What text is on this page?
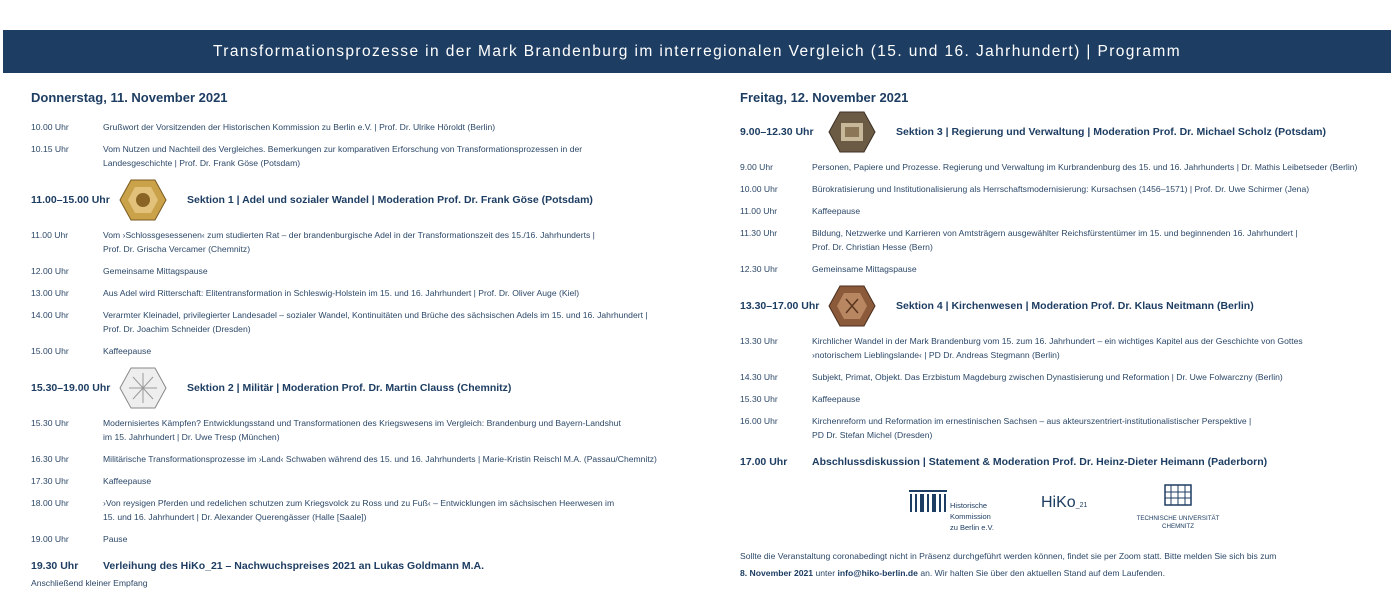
Transformationsprozesse in der Mark Brandenburg im interregionalen Vergleich (15. und 16. Jahrhundert) | Programm
Donnerstag, 11. November 2021
10.00 Uhr	Grußwort der Vorsitzenden der Historischen Kommission zu Berlin e.V. | Prof. Dr. Ulrike Höroldt (Berlin)
10.15 Uhr	Vom Nutzen und Nachteil des Vergleiches. Bemerkungen zur komparativen Erforschung von Transformationsprozessen in der
Landesgeschichte | Prof. Dr. Frank Göse (Potsdam)
11.00–15.00 Uhr	Sektion 1 | Adel und sozialer Wandel | Moderation Prof. Dr. Frank Göse (Potsdam)
11.00 Uhr	Vom ›Schlossgesessenen‹ zum studierten Rat – der brandenburgische Adel in der Transformationszeit des 15./16. Jahrhunderts |
Prof. Dr. Grischa Vercamer (Chemnitz)
12.00 Uhr	Gemeinsame Mittagspause
13.00 Uhr	Aus Adel wird Ritterschaft: Elitentransformation in Schleswig-Holstein im 15. und 16. Jahrhundert | Prof. Dr. Oliver Auge (Kiel)
14.00 Uhr	Verarmter Kleinadel, privilegierter Landesadel – sozialer Wandel, Kontinuitäten und Brüche des sächsischen Adels im 15. und 16. Jahrhundert |
Prof. Dr. Joachim Schneider (Dresden)
15.00 Uhr	Kaffeepause
15.30–19.00 Uhr	Sektion 2 | Militär | Moderation Prof. Dr. Martin Clauss (Chemnitz)
15.30 Uhr	Modernisiertes Kämpfen? Entwicklungsstand und Transformationen des Kriegswesens im Vergleich: Brandenburg und Bayern-Landshut
im 15. Jahrhundert | Dr. Uwe Tresp (München)
16.30 Uhr	Militärische Transformationsprozesse im ›Land‹ Schwaben während des 15. und 16. Jahrhunderts | Marie-Kristin Reischl M.A. (Passau/Chemnitz)
17.30 Uhr	Kaffeepause
18.00 Uhr	›Von reysigen Pferden und redelichen schutzen zum Kriegsvolck zu Ross und zu Fuß‹ – Entwicklungen im sächsischen Heerwesen im
15. und 16. Jahrhundert | Dr. Alexander Querengässer (Halle [Saale])
19.00 Uhr	Pause
19.30 Uhr	Verleihung des HiKo_21 – Nachwuchspreises 2021 an Lukas Goldmann M.A.
Anschließend kleiner Empfang
Freitag, 12. November 2021
9.00–12.30 Uhr	Sektion 3 | Regierung und Verwaltung | Moderation Prof. Dr. Michael Scholz (Potsdam)
9.00 Uhr	Personen, Papiere und Prozesse. Regierung und Verwaltung im Kurbrandenburg des 15. und 16. Jahrhunderts | Dr. Mathis Leibetseder (Berlin)
10.00 Uhr	Bürokratisierung und Institutionalisierung als Herrschaftsmodernisierung: Kursachsen (1456–1571) | Prof. Dr. Uwe Schirmer (Jena)
11.00 Uhr	Kaffeepause
11.30 Uhr	Bildung, Netzwerke und Karrieren von Amtsträgern ausgewählter Reichsfürstentümer im 15. und beginnenden 16. Jahrhundert |
Prof. Dr. Christian Hesse (Bern)
12.30 Uhr	Gemeinsame Mittagspause
13.30–17.00 Uhr	Sektion 4 | Kirchenwesen | Moderation Prof. Dr. Klaus Neitmann (Berlin)
13.30 Uhr	Kirchlicher Wandel in der Mark Brandenburg vom 15. zum 16. Jahrhundert – ein wichtiges Kapitel aus der Geschichte von Gottes
›notorischem Lieblingslande‹ | PD Dr. Andreas Stegmann (Berlin)
14.30 Uhr	Subjekt, Primat, Objekt. Das Erzbistum Magdeburg zwischen Dynastisierung und Reformation | Dr. Uwe Folwarczny (Berlin)
15.30 Uhr	Kaffeepause
16.00 Uhr	Kirchenreform und Reformation im ernestinischen Sachsen – aus akteurszentriert-institutionalistischer Perspektive |
PD Dr. Stefan Michel (Dresden)
17.00 Uhr	Abschlussdiskussion | Statement & Moderation Prof. Dr. Heinz-Dieter Heimann (Paderborn)
Historische
Kommission
zu Berlin e.V.
HiKo_21
TECHNISCHE UNIVERSITÄT
CHEMNITZ
Sollte die Veranstaltung coronabedingt nicht in Präsenz durchgeführt werden können, findet sie per Zoom statt. Bitte melden Sie sich bis zum
8. November 2021 unter info@hiko-berlin.de an. Wir halten Sie über den aktuellen Stand auf dem Laufenden.
